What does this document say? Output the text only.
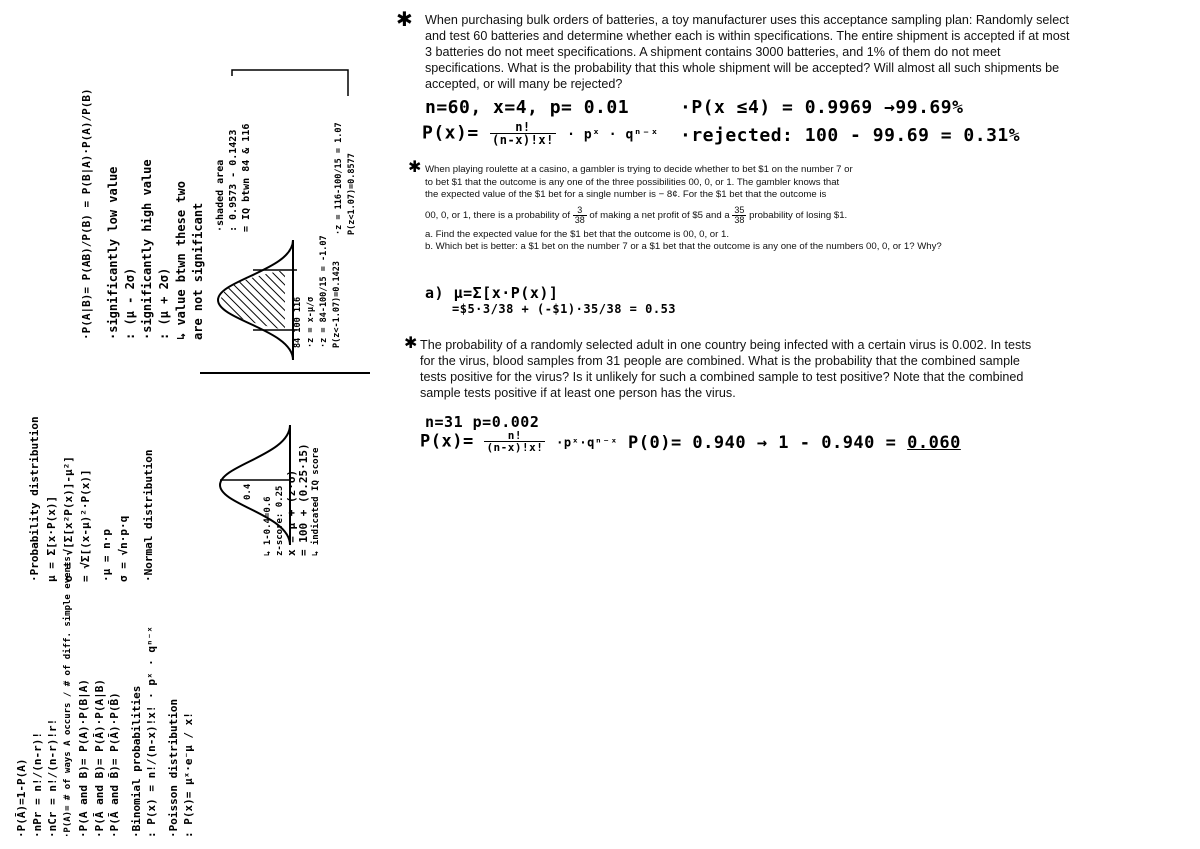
✱ When purchasing bulk orders of batteries, a toy manufacturer uses this acceptance sampling plan: Randomly select and test 60 batteries and determine whether each is within specifications. The entire shipment is accepted if at most 3 batteries do not meet specifications. A shipment contains 3000 batteries, and 1% of them do not meet specifications. What is the probability that this whole shipment will be accepted? Will almost all such shipments be accepted, or will many be rejected?

n=60, x=4, p= 0.01	·P(x ≤4) = 0.9969 →99.69%
$P(x)= \frac{n!}{(n-x)!x!}$ · pˣ · qⁿ⁻ˣ ·rejected: 100 - 99.69 = 0.31%
✱ When playing roulette at a casino, a gambler is trying to decide whether to bet $1 on the number 7 or

to bet $1 that the outcome is any one of the three possibilities 00, 0, or 1. The gambler knows that

the expected value of the $1 bet for a single number is − 8¢. For the $1 bet that the outcome is

00, 0, or 1, there is a probability of $\frac{3}{38}$ of making a net profit of $5 and a $\frac{35}{38}$ probability of losing $1.

a. Find the expected value for the $1 bet that the outcome is 00, 0, or 1.

b. Which bet is better: a $1 bet on the number 7 or a $1 bet that the outcome is any one of the numbers 00, 0, or 1? Why?

a) μ=Σ[x·P(x)]
=$5·3/38 + (-$1)·35/38 = 0.53
✱ The probability of a randomly selected adult in one country being infected with a certain virus is 0.002. In tests for the virus, blood samples from 31 people are combined. What is the probability that the combined sample tests positive for the virus? Is it unlikely for such a combined sample to test positive? Note that the combined sample tests positive if at least one person has the virus.

n=31 p=0.002
$P(x)= \frac{n!}{(n-x)!x!}$ ·pˣ·qⁿ⁻ˣ P(0)= 0.940 → 1 - 0.940 = 0.060
·P(Ā)=1-P(A) ·nPr = n!/(n-r)! ·nCr = n!/(n-r)!r! ·P(A)= # of ways A occurs / # of diff. simple events ·P(A and B)= P(A)·P(B|A) ·P(Ā and B)= P(Ā)·P(A|B) ·P(Ā and B̄)= P(Ā)·P(B̄) ·Binomial probabilities : P(x) = n!/(n-x)!x! · pˣ · qⁿ⁻ˣ ·Poisson distribution : P(x)= μˣ·e⁻μ / x!
·Probability distribution μ = Σ[x·P(x)] σ = √[Σ[x²P(x)]-μ²] = √Σ[(x-μ)²·P(x)] ·μ = n·p σ = √n·p·q ·Normal distribution	0.4
↳ 1-0.4=0.6 z-score: 0.25 x = μ + (z·σ) = 100 + (0.25·15) ↳ indicated IQ score
·P(A|B)= P(AB)/P(B) = P(B|A)·P(A)/P(B) ·significantly low value : (μ - 2σ) ·significantly high value : (μ + 2σ) ↳ value btwn these two are not significant
·shaded area : 0.9573 - 0.1423 = IQ btwn 84 & 116
84 100 116 ·z = x-μ/σ ·z = 84-100/15 = -1.07 P(z<-1.07)=0.1423
·z = 116-100/15 = 1.07 P(z<1.07)=0.8577
